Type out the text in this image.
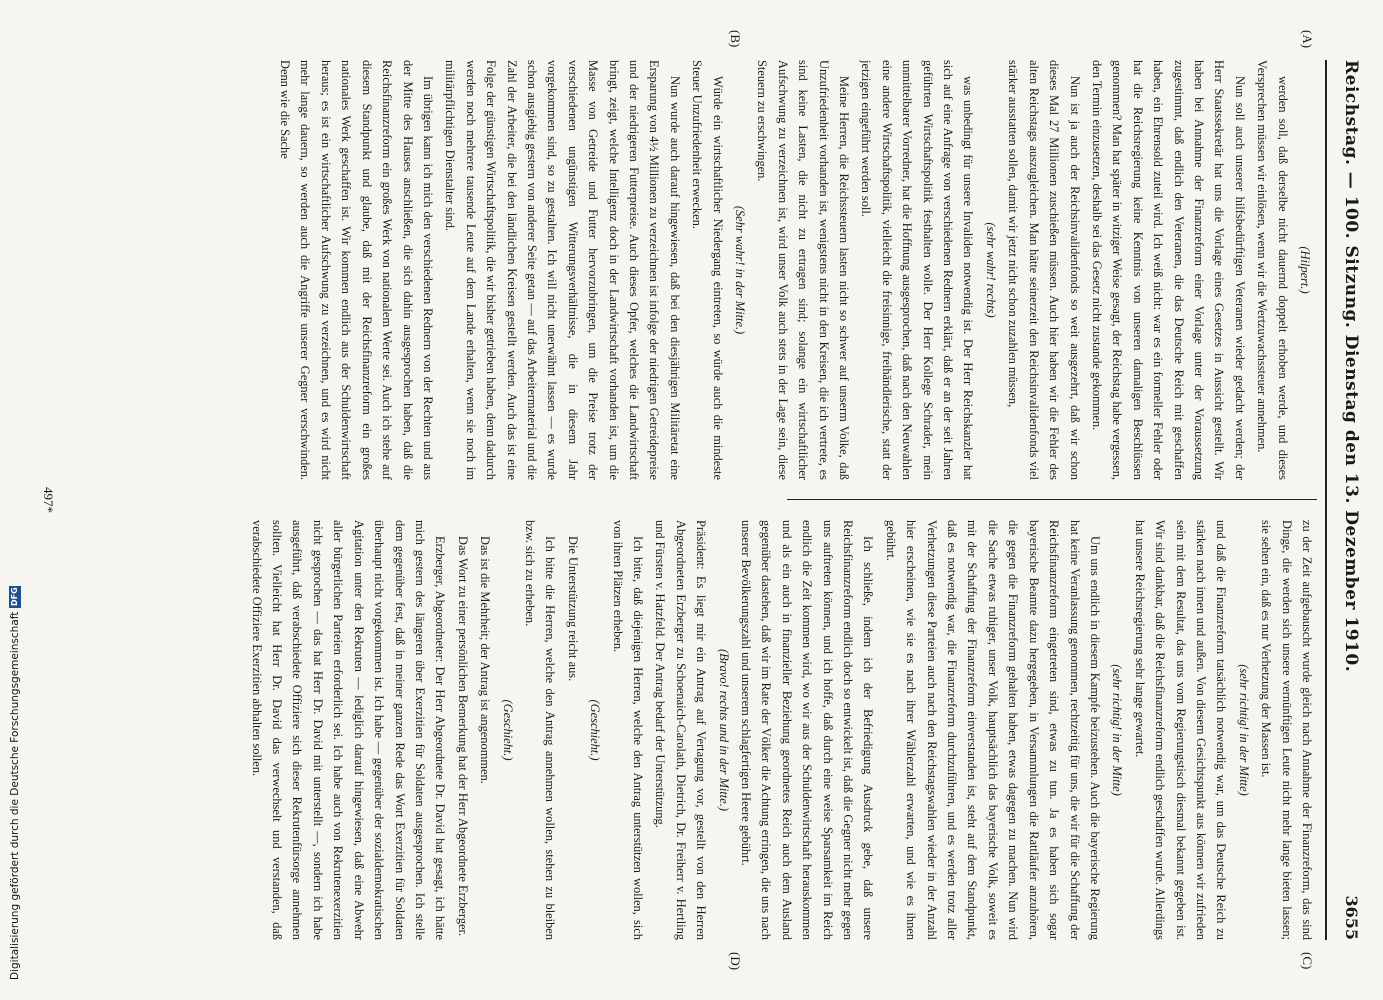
Reichstag. — 100. Sitzung. Dienstag den 13. Dezember 1910.
3655
(A)
(B)
(C)
(D)

(Hilpert.)

werden soll, daß derselbe nicht dauernd doppelt erhoben werde, und dieses Versprechen müssen wir einlösen, wenn wir die Wertzuwachssteuer annehmen.

Nun soll auch unserer hilfsbedürftigen Veteranen wieder gedacht werden; der Herr Staatssekretär hat uns die Vorlage eines Gesetzes in Aussicht gestellt. Wir haben bei Annahme der Finanzreform einer Vorlage unter der Voraussetzung zugestimmt, daß endlich den Veteranen, die das Deutsche Reich mit geschaffen haben, ein Ehrensold zuteil wird. Ich weiß nicht: war es ein formeller Fehler oder hat die Reichsregierung keine Kenntnis von unseren damaligen Beschlüssen genommen? Man hat später in witziger Weise gesagt, der Reichstag habe vergessen, den Termin einzusetzen, deshalb sei das Gesetz nicht zustande gekommen.

Nun ist ja auch der Reichsinvalidenfonds so weit ausgezehrt, daß wir schon dieses Mal 27 Millionen zuschießen müssen. Auch hier haben wir die Fehler des alten Reichstags auszugleichen. Man hätte seinerzeit den Reichsinvalidenfonds viel stärker ausstatten sollen, damit wir jetzt nicht schon zuzahlen müssen,

(sehr wahr! rechts)

was unbedingt für unsere Invaliden notwendig ist. Der Herr Reichskanzler hat sich auf eine Anfrage von verschiedenen Rednern erklärt, daß er an der seit Jahren geführten Wirtschaftspolitik festhalten wolle. Der Herr Kollege Schrader, mein unmittelbarer Vorredner, hat die Hoffnung ausgesprochen, daß nach den Neuwahlen eine andere Wirtschaftspolitik, vielleicht die freisinnige, freihändlerische, statt der jetzigen eingeführt werden soll.

Meine Herren, die Reichssteuern lasten nicht so schwer auf unserm Volke, daß Unzufriedenheit vorhanden ist, wenigstens nicht in den Kreisen, die ich vertrete, es sind keine Lasten, die nicht zu ertragen sind; solange ein wirtschaftlicher Aufschwung zu verzeichnen ist, wird unser Volk auch stets in der Lage sein, diese Steuern zu erschwingen.

(Sehr wahr! in der Mitte.)

Würde ein wirtschaftlicher Niedergang eintreten, so würde auch die mindeste Steuer Unzufriedenheit erwecken.

Nun wurde auch darauf hingewiesen, daß bei den diesjährigen Militäretat eine Ersparung von 4½ Millionen zu verzeichnen ist infolge der niedrigen Getreidepreise und der niedrigeren Futterpreise. Auch dieses Opfer, welches die Landwirtschaft bringt, zeigt, welche Intelligenz doch in der Landwirtschaft vorhanden ist, um die Masse von Getreide und Futter hervorzubringen, um die Preise trotz der verschiedenen ungünstigen Witterungsverhältnisse, die in diesem Jahr vorgekommen sind, so zu gestalten. Ich will nicht unerwähnt lassen — es wurde schon ausgiebig gestern von anderer Seite getan — auf das Arbeitermaterial und die Zahl der Arbeiter, die bei den ländlichen Kreisen gestellt werden. Auch das ist eine Folge der günstigen Wirtschaftspolitik, die wir bisher getrieben haben, denn dadurch werden noch mehrere tausende Leute auf dem Lande erhalten, wenn sie noch im militärpflichtigen Dienstalter sind.

Im übrigen kann ich mich den verschiedenen Rednern von der Rechten und aus der Mitte des Hauses anschließen, die sich dahin ausgesprochen haben, daß die Reichsfinanzreform ein großes Werk von nationalem Werte sei. Auch ich stehe auf diesem Standpunkt und glaube, daß mit der Reichsfinanzreform ein großes nationales Werk geschaffen ist. Wir kommen endlich aus der Schuldenwirtschaft heraus; es ist ein wirtschaftlicher Aufschwung zu verzeichnen, und es wird nicht mehr lange dauern, so werden auch die Angriffe unserer Gegner verschwinden. Denn wie die Sache

zu der Zeit aufgebauscht wurde gleich nach Annahme der Finanzreform, das sind Dinge, die werden sich unsere vernünftigen Leute nicht mehr lange bieten lassen; sie sehen ein, daß es nur Verhetzung der Massen ist.

(sehr richtig! in der Mitte)

und daß die Finanzreform tatsächlich notwendig war, um das Deutsche Reich zu stärken nach innen und außen. Von diesem Gesichtspunkt aus können wir zufrieden sein mit dem Resultat, das uns vom Regierungstisch diesmal bekannt gegeben ist. Wir sind dankbar, daß die Reichsfinanzreform endlich geschaffen wurde. Allerdings hat unsere Reichsregierung sehr lange gewartet.

(sehr richtig! in der Mitte)

Um uns endlich in diesem Kampfe beizustehen. Auch die bayerische Regierung hat keine Veranlassung genommen, rechtzeitig für uns, die wir für die Schaffung der Reichsfinanzreform eingetreten sind, etwas zu tun. Ja es haben sich sogar bayerische Beamte dazu hergegeben, in Versammlungen die Rattläufer anzuhören, die gegen die Finanzreform gehalten haben, etwas dagegen zu machen. Nun wird die Sache etwas ruhiger, unser Volk, hauptsächlich das bayerische Volk, soweit es mit der Schaffung der Finanzreform einverstanden ist, steht auf dem Standpunkt, daß es notwendig war, die Finanzreform durchzuführen, und es werden trotz aller Verhetzungen diese Parteien auch nach den Reichstagswahlen wieder in der Anzahl hier erscheinen, wie sie es nach ihrer Wählerzahl erwarten, und wie es ihnen gebührt.

Ich schließe, indem ich der Befriedigung Ausdruck gebe, daß unsere Reichsfinanzreform endlich doch so entwickelt ist, daß die Gegner nicht mehr gegen uns auftreten können, und ich hoffe, daß durch eine weise Sparsamkeit im Reich endlich die Zeit kommen wird, wo wir aus der Schuldenwirtschaft herauskommen und als ein auch in finanzieller Beziehung geordnetes Reich auch dem Ausland gegenüber dastehen, daß wir im Rate der Völker die Achtung erringen, die uns nach unserer Bevölkerungszahl und unserem schlagfertigen Heere gebührt.

(Bravo! rechts und in der Mitte.)

Präsident: Es liegt mir ein Antrag auf Vertagung vor, gestellt von den Herren Abgeordneten Erzberger zu Schoenaich-Carolath, Dietrich, Dr. Freiherr v. Hertling und Fürsten v. Hatzfeld. Der Antrag bedarf der Unterstützung.

Ich bitte, daß diejenigen Herren, welche den Antrag unterstützen wollen, sich von ihren Plätzen erheben.

(Geschieht.)

Die Unterstützung reicht aus.

Ich bitte die Herren, welche den Antrag annehmen wollen, stehen zu bleiben bzw. sich zu erheben.

(Geschieht.)

Das ist die Mehrheit; der Antrag ist angenommen.

Das Wort zu einer persönlichen Bemerkung hat der Herr Abgeordnete Erzberger.

Erzberger, Abgeordneter: Der Herr Abgeordnete Dr. David hat gesagt, ich hätte mich gestern des längeren über Exerzitien für Soldaten ausgesprochen. Ich stelle dem gegenüber fest, daß in meiner ganzen Rede das Wort Exerzitien für Soldaten überhaupt nicht vorgekommen ist. Ich habe — gegenüber der sozialdemokratischen Agitation unter den Rekruten — lediglich darauf hingewiesen, daß eine Abwehr aller bürgerlichen Parteien erforderlich sei. Ich habe auch von Rekrutenexerzitien nicht gesprochen — das hat Herr Dr. David mit unterstellt —, sondern ich habe ausgeführt, daß verabschiedete Offiziere sich dieser Rekrutenfürsorge annehmen sollten. Vielleicht hat Herr Dr. David das verwechselt und verstanden, daß verabschiedete Offiziere Exerzitien abhalten sollen.

497*
Digitalisierung gefördert durch die Deutsche Forschungsgemeinschaft
DFG
